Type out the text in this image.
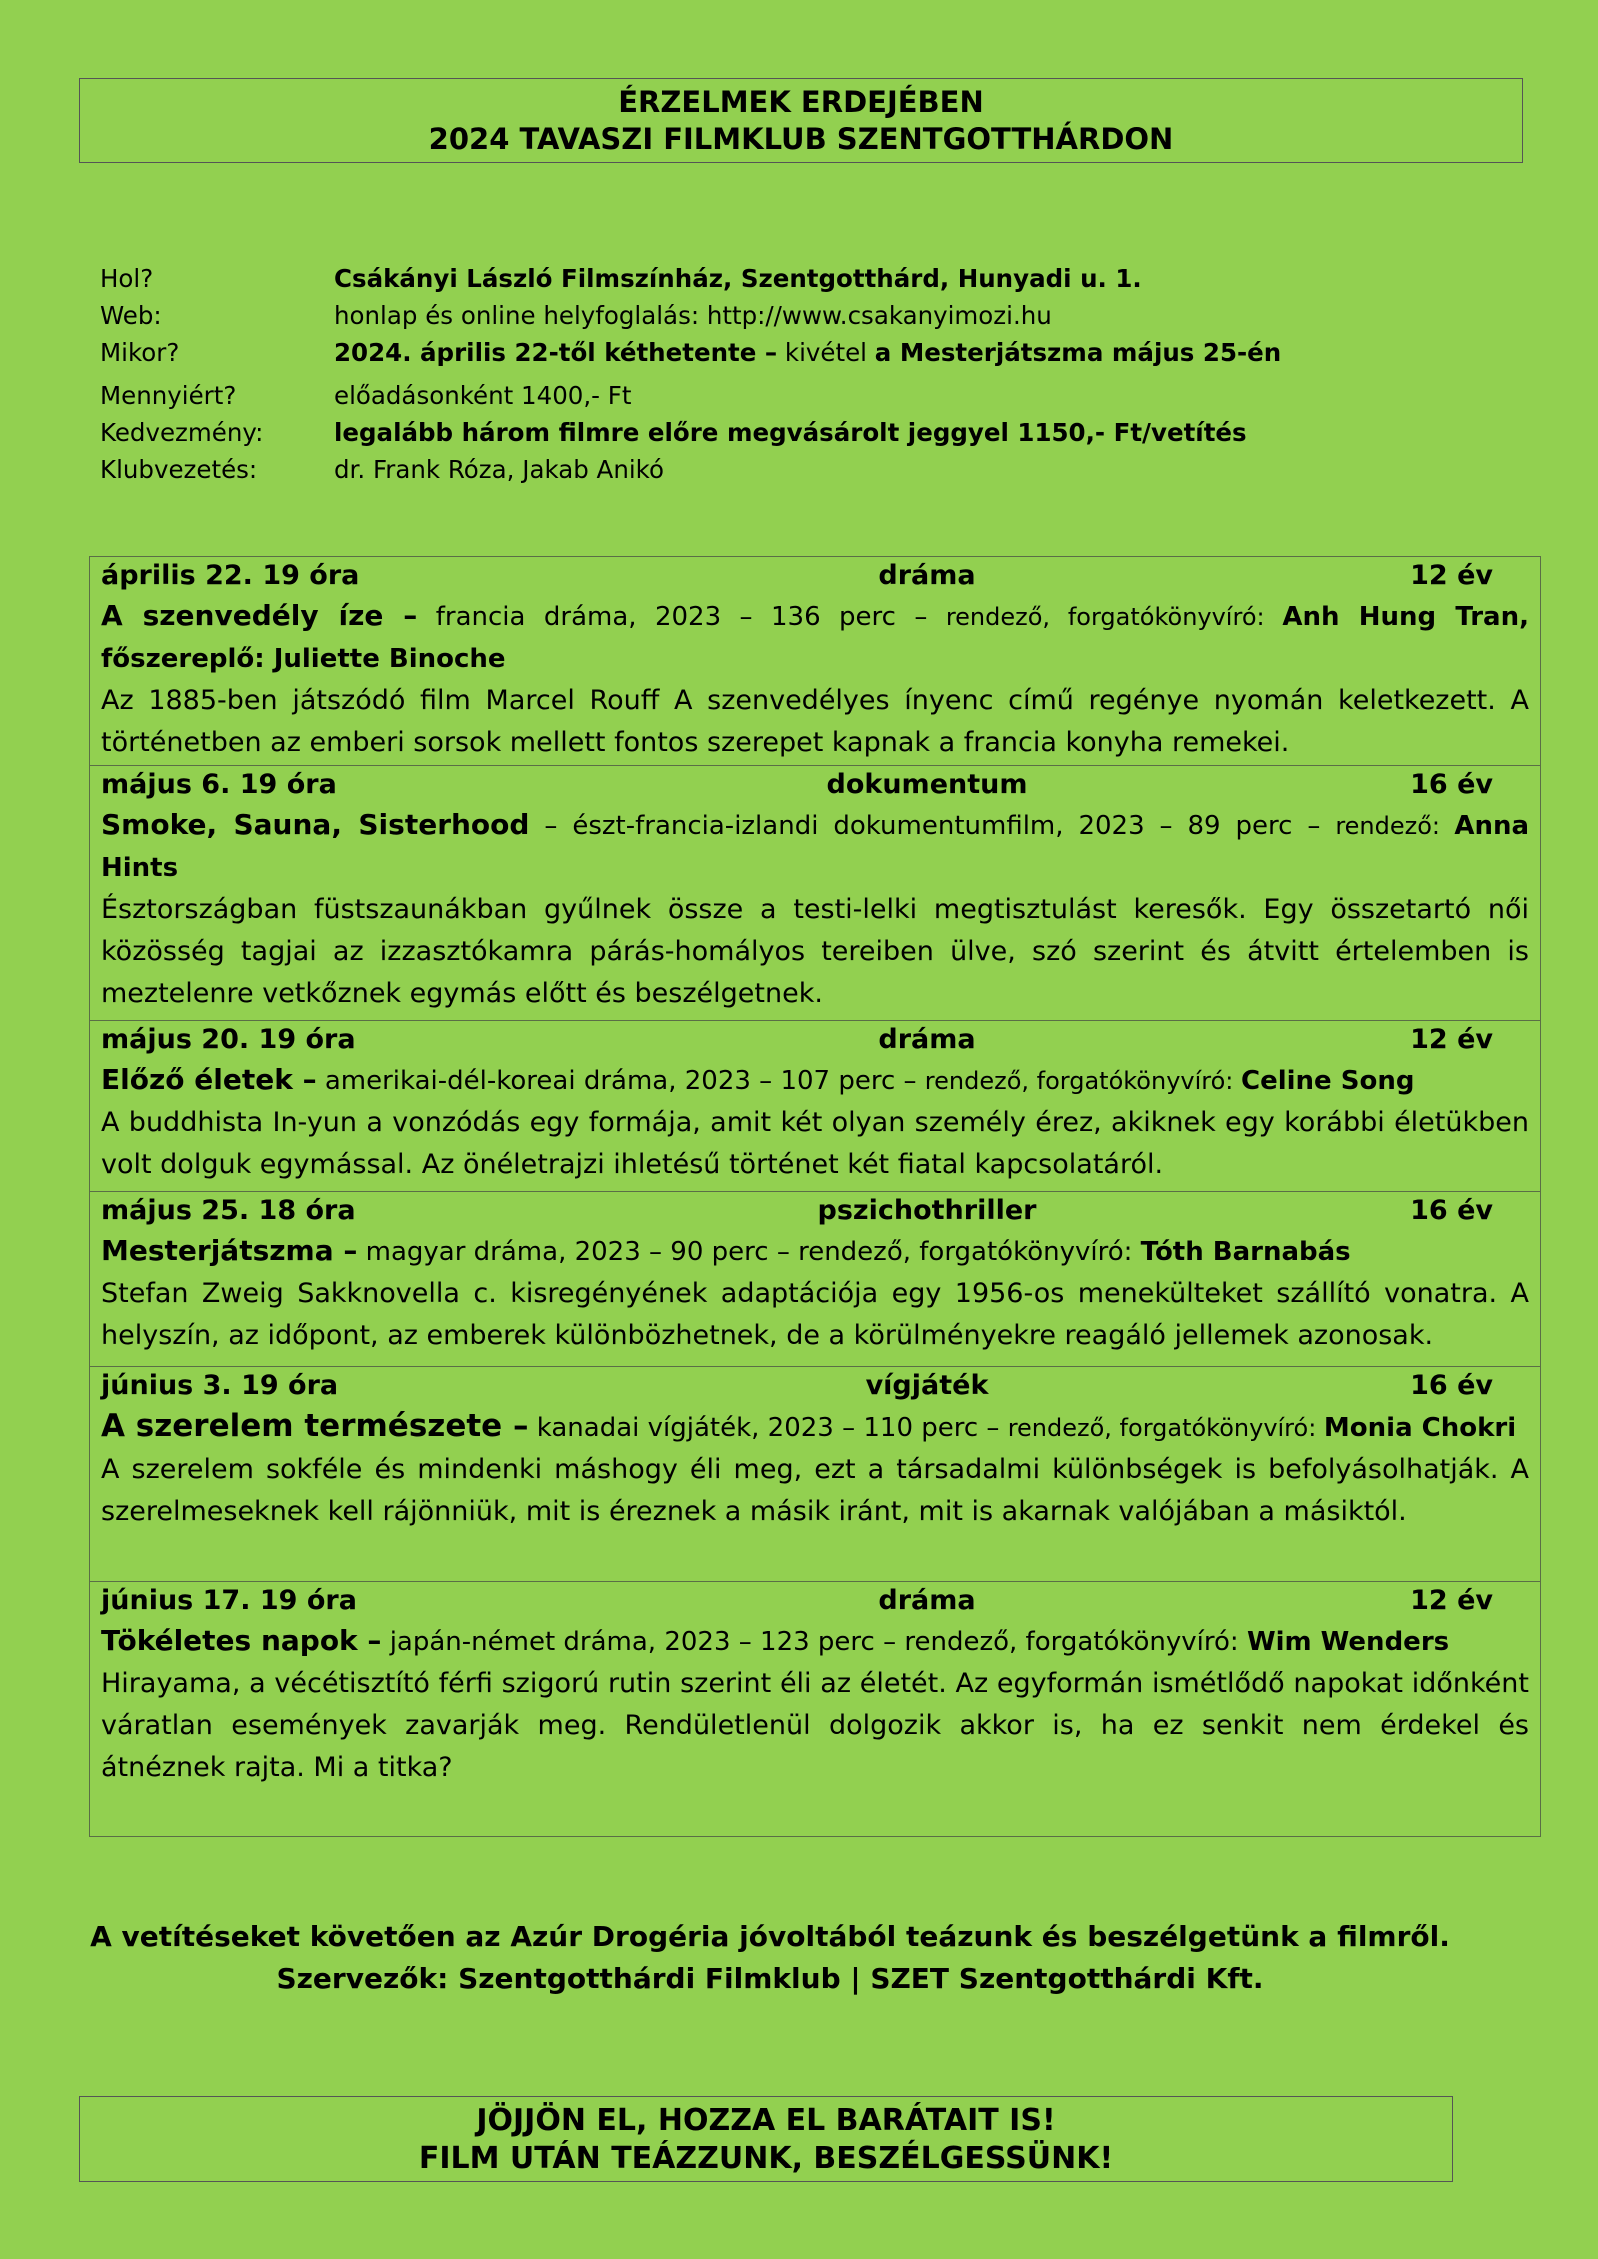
ÉRZELMEK ERDEJÉBEN
2024 TAVASZI FILMKLUB SZENTGOTTHÁRDON
Hol?	Csákányi László Filmszínház, Szentgotthárd, Hunyadi u. 1.
Web:	honlap és online helyfoglalás: http://www.csakanyimozi.hu
Mikor?	2024. április 22-től kéthetente – kivétel a Mesterjátszma május 25-én
Mennyiért?	előadásonként 1400,- Ft
Kedvezmény:	legalább három filmre előre megvásárolt jeggyel 1150,- Ft/vetítés
Klubvezetés:	dr. Frank Róza, Jakab Anikó
április 22. 19 óra	dráma	12 év
A szenvedély íze – francia dráma, 2023 – 136 perc – rendező, forgatókönyvíró: Anh Hung Tran, főszereplő: Juliette Binoche
Az 1885-ben játszódó film Marcel Rouff A szenvedélyes ínyenc című regénye nyomán keletkezett. A történetben az emberi sorsok mellett fontos szerepet kapnak a francia konyha remekei.

május 6. 19 óra	dokumentum	16 év
Smoke, Sauna, Sisterhood – észt-francia-izlandi dokumentumfilm, 2023 – 89 perc – rendező: Anna Hints
Észtországban füstszaunákban gyűlnek össze a testi-lelki megtisztulást keresők. Egy összetartó női közösség tagjai az izzasztókamra párás-homályos tereiben ülve, szó szerint és átvitt értelemben is meztelenre vetkőznek egymás előtt és beszélgetnek.

május 20. 19 óra	dráma	12 év
Előző életek – amerikai-dél-koreai dráma, 2023 – 107 perc – rendező, forgatókönyvíró: Celine Song
A buddhista In-yun a vonzódás egy formája, amit két olyan személy érez, akiknek egy korábbi életükben volt dolguk egymással. Az önéletrajzi ihletésű történet két fiatal kapcsolatáról.

május 25. 18 óra	pszichothriller	16 év
Mesterjátszma – magyar dráma, 2023 – 90 perc – rendező, forgatókönyvíró: Tóth Barnabás
Stefan Zweig Sakknovella c. kisregényének adaptációja egy 1956-os menekülteket szállító vonatra. A helyszín, az időpont, az emberek különbözhetnek, de a körülményekre reagáló jellemek azonosak.

június 3. 19 óra	vígjáték	16 év
A szerelem természete – kanadai vígjáték, 2023 – 110 perc – rendező, forgatókönyvíró: Monia Chokri
A szerelem sokféle és mindenki máshogy éli meg, ezt a társadalmi különbségek is befolyásolhatják. A szerelmeseknek kell rájönniük, mit is éreznek a másik iránt, mit is akarnak valójában a másiktól.

június 17. 19 óra	dráma	12 év
Tökéletes napok – japán-német dráma, 2023 – 123 perc – rendező, forgatókönyvíró: Wim Wenders
Hirayama, a vécétisztító férfi szigorú rutin szerint éli az életét. Az egyformán ismétlődő napokat időnként váratlan események zavarják meg. Rendületlenül dolgozik akkor is, ha ez senkit nem érdekel és átnéznek rajta. Mi a titka?
A vetítéseket követően az Azúr Drogéria jóvoltából teázunk és beszélgetünk a filmről.
Szervezők: Szentgotthárdi Filmklub | SZET Szentgotthárdi Kft.
JÖJJÖN EL, HOZZA EL BARÁTAIT IS!
FILM UTÁN TEÁZZUNK, BESZÉLGESSÜNK!
